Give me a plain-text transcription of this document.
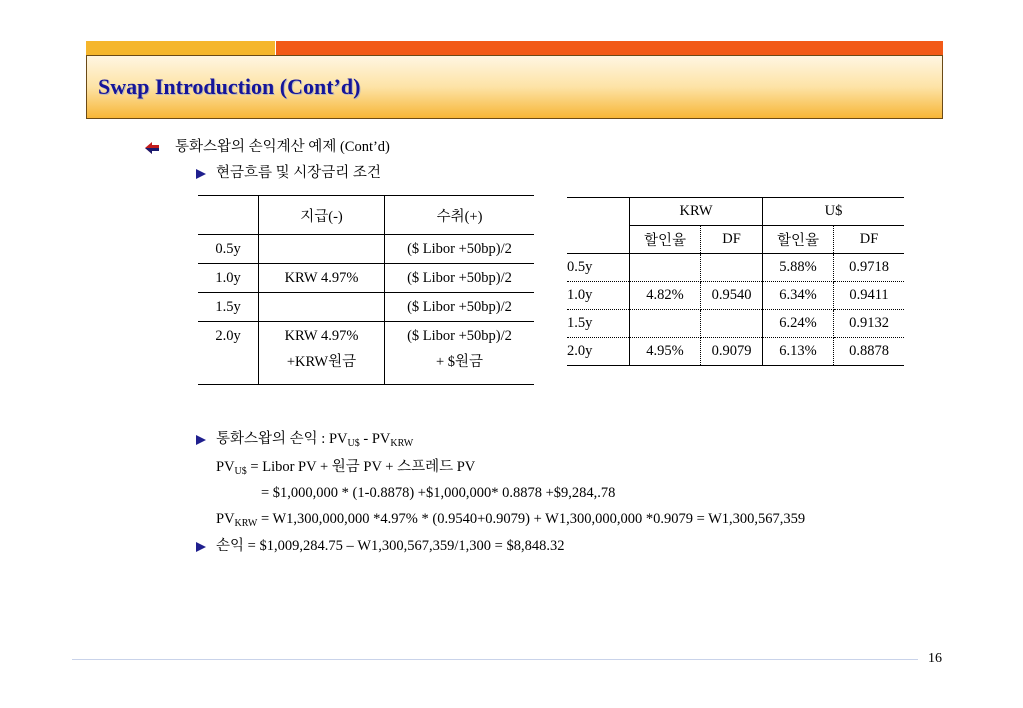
Swap Introduction (Cont’d)
통화스왑의 손익계산 예제 (Cont’d)
현금흐름 및 시장금리 조건
	지급(-)	수취(+)
0.5y		($ Libor +50bp)/2
1.0y	KRW 4.97%	($ Libor +50bp)/2
1.5y		($ Libor +50bp)/2
2.0y	KRW 4.97%	($ Libor +50bp)/2
	+KRW원금	+ $원금
	KRW		U$	
	할인율	DF	할인율	DF
0.5y			5.88%	0.9718
1.0y	4.82%	0.9540	6.34%	0.9411
1.5y			6.24%	0.9132
2.0y	4.95%	0.9079	6.13%	0.8878
통화스왑의 손익 : $PV_{U\$} - PV_{KRW}$
$PV_{U\$}$ = Libor PV + 원금 PV + 스프레드 PV
= $1,000,000 * (1-0.8878) +$1,000,000* 0.8878 +$9,284,.78
$PV_{KRW} = W1,300,000,000$ *4.97% * (0.9540+0.9079) + W1,300,000,000 *0.9079 = W1,300,567,359
손익 = $1,009,284.75 – W1,300,567,359/1,300 = $8,848.32
16
